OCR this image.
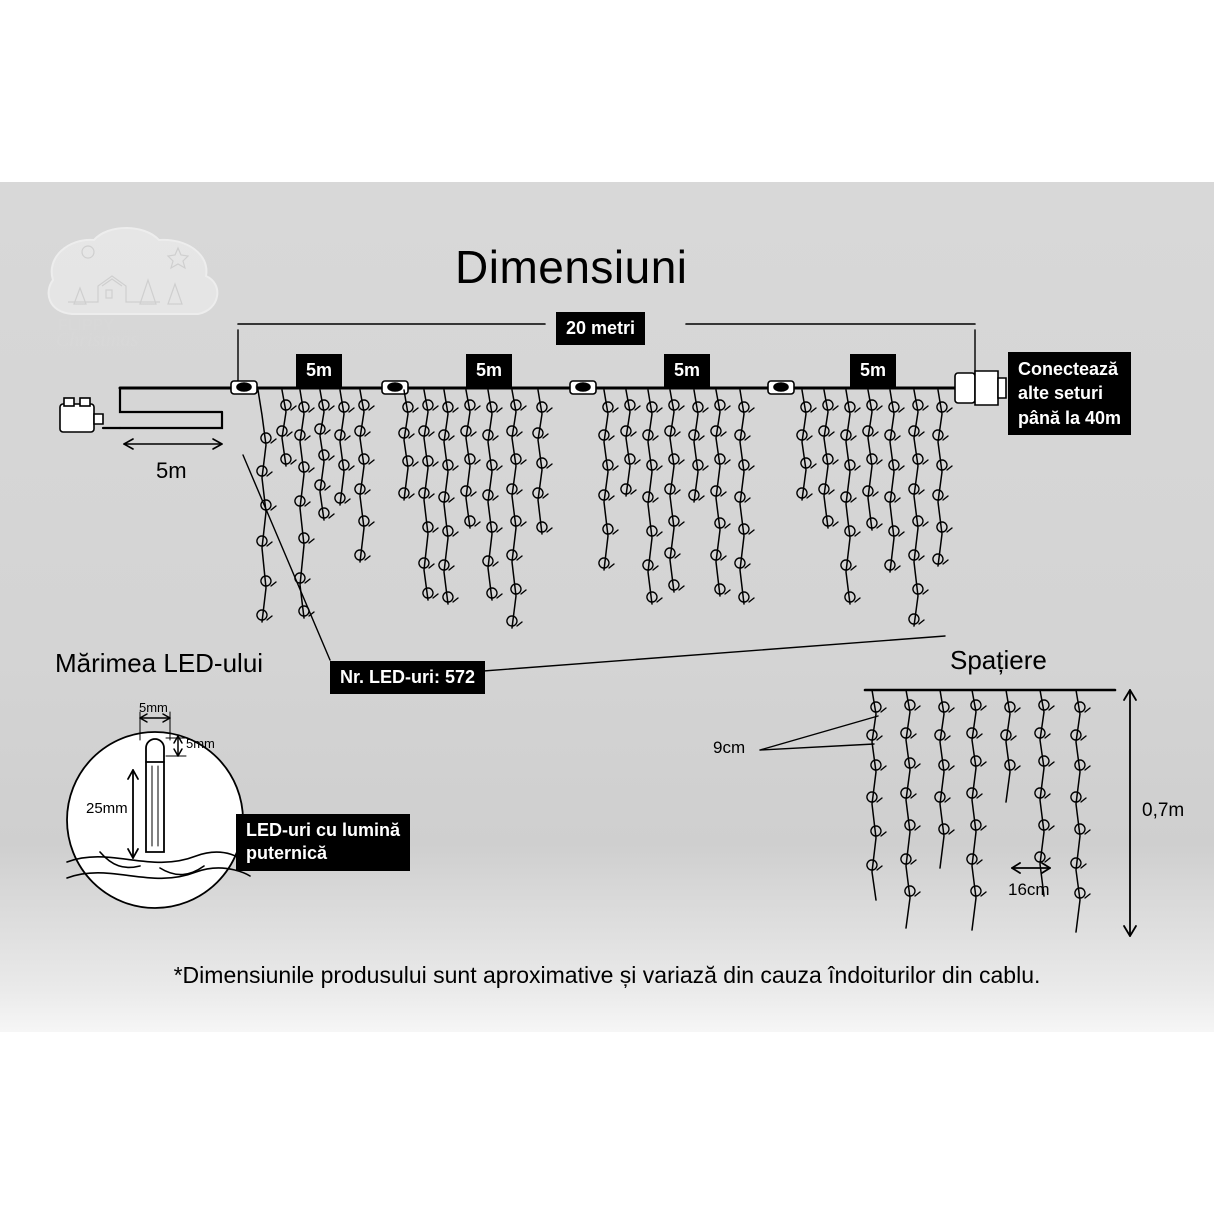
FLIPPY
Christmas
Dimensiuni
20 metri
5m	5m	5m	5m	Conectează
alte seturi
până la 40m
5m
Nr. LED-uri: 572
Mărimea LED-ului
5mm
5mm
25mm
LED-uri cu lumină
puternică
Spațiere
9cm
16cm
0,7m
*Dimensiunile produsului sunt aproximative și variază din cauza îndoiturilor din cablu.
